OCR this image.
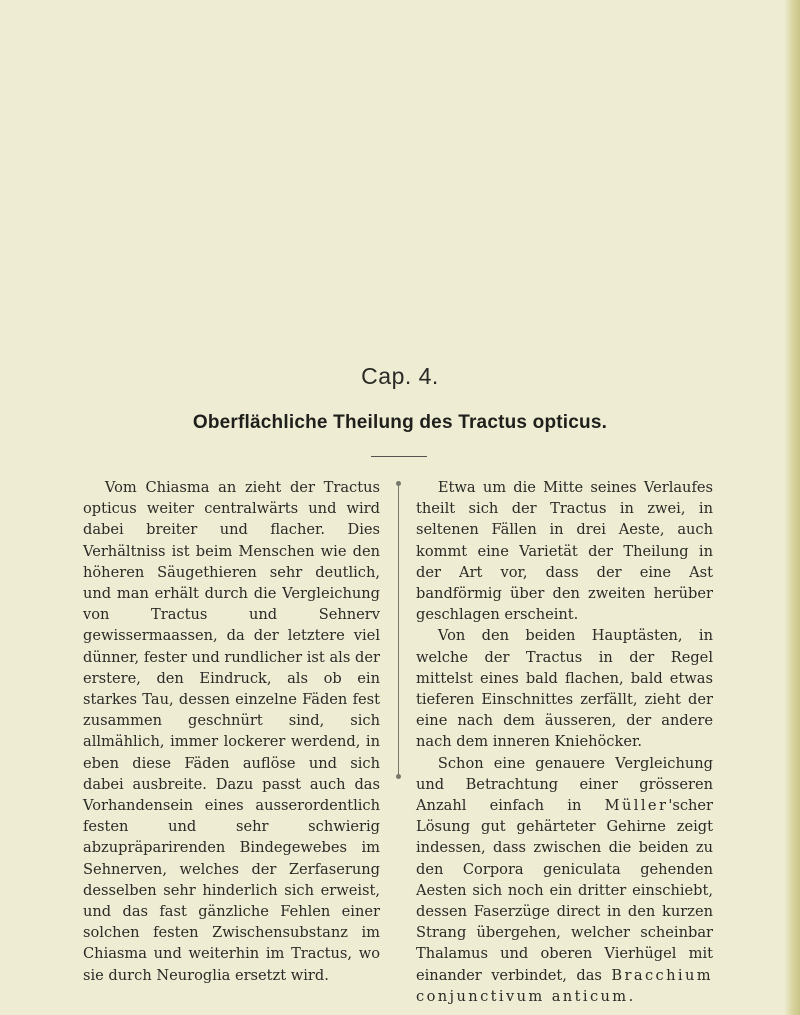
Cap. 4.
Oberflächliche Theilung des Tractus opticus.

Vom Chiasma an zieht der Tractus opticus weiter centralwärts und wird dabei breiter und flacher. Dies Verhältniss ist beim Menschen wie den höheren Säugethieren sehr deutlich, und man erhält durch die Vergleichung von Tractus und Sehnerv gewissermaassen, da der letztere viel dünner, fester und rundlicher ist als der erstere, den Eindruck, als ob ein starkes Tau, dessen einzelne Fäden fest zusammen geschnürt sind, sich allmählich, immer lockerer werdend, in eben diese Fäden auflöse und sich dabei ausbreite. Dazu passt auch das Vorhandensein eines ausserordentlich festen und sehr schwierig abzupräparirenden Bindegewebes im Sehnerven, welches der Zerfaserung desselben sehr hinderlich sich erweist, und das fast gänzliche Fehlen einer solchen festen Zwischensubstanz im Chiasma und weiterhin im Tractus, wo sie durch Neuroglia ersetzt wird.

Etwa um die Mitte seines Verlaufes theilt sich der Tractus in zwei, in seltenen Fällen in drei Aeste, auch kommt eine Varietät der Theilung in der Art vor, dass der eine Ast bandförmig über den zweiten herüber geschlagen erscheint.

Von den beiden Hauptästen, in welche der Tractus in der Regel mittelst eines bald flachen, bald etwas tieferen Einschnittes zerfällt, zieht der eine nach dem äusseren, der andere nach dem inneren Kniehöcker.

Schon eine genauere Vergleichung und Betrachtung einer grösseren Anzahl einfach in Müller'scher Lösung gut gehärteter Gehirne zeigt indessen, dass zwischen die beiden zu den Corpora geniculata gehenden Aesten sich noch ein dritter einschiebt, dessen Faserzüge direct in den kurzen Strang übergehen, welcher scheinbar Thalamus und oberen Vierhügel mit einander verbindet, das Bracchium conjunctivum anticum.
